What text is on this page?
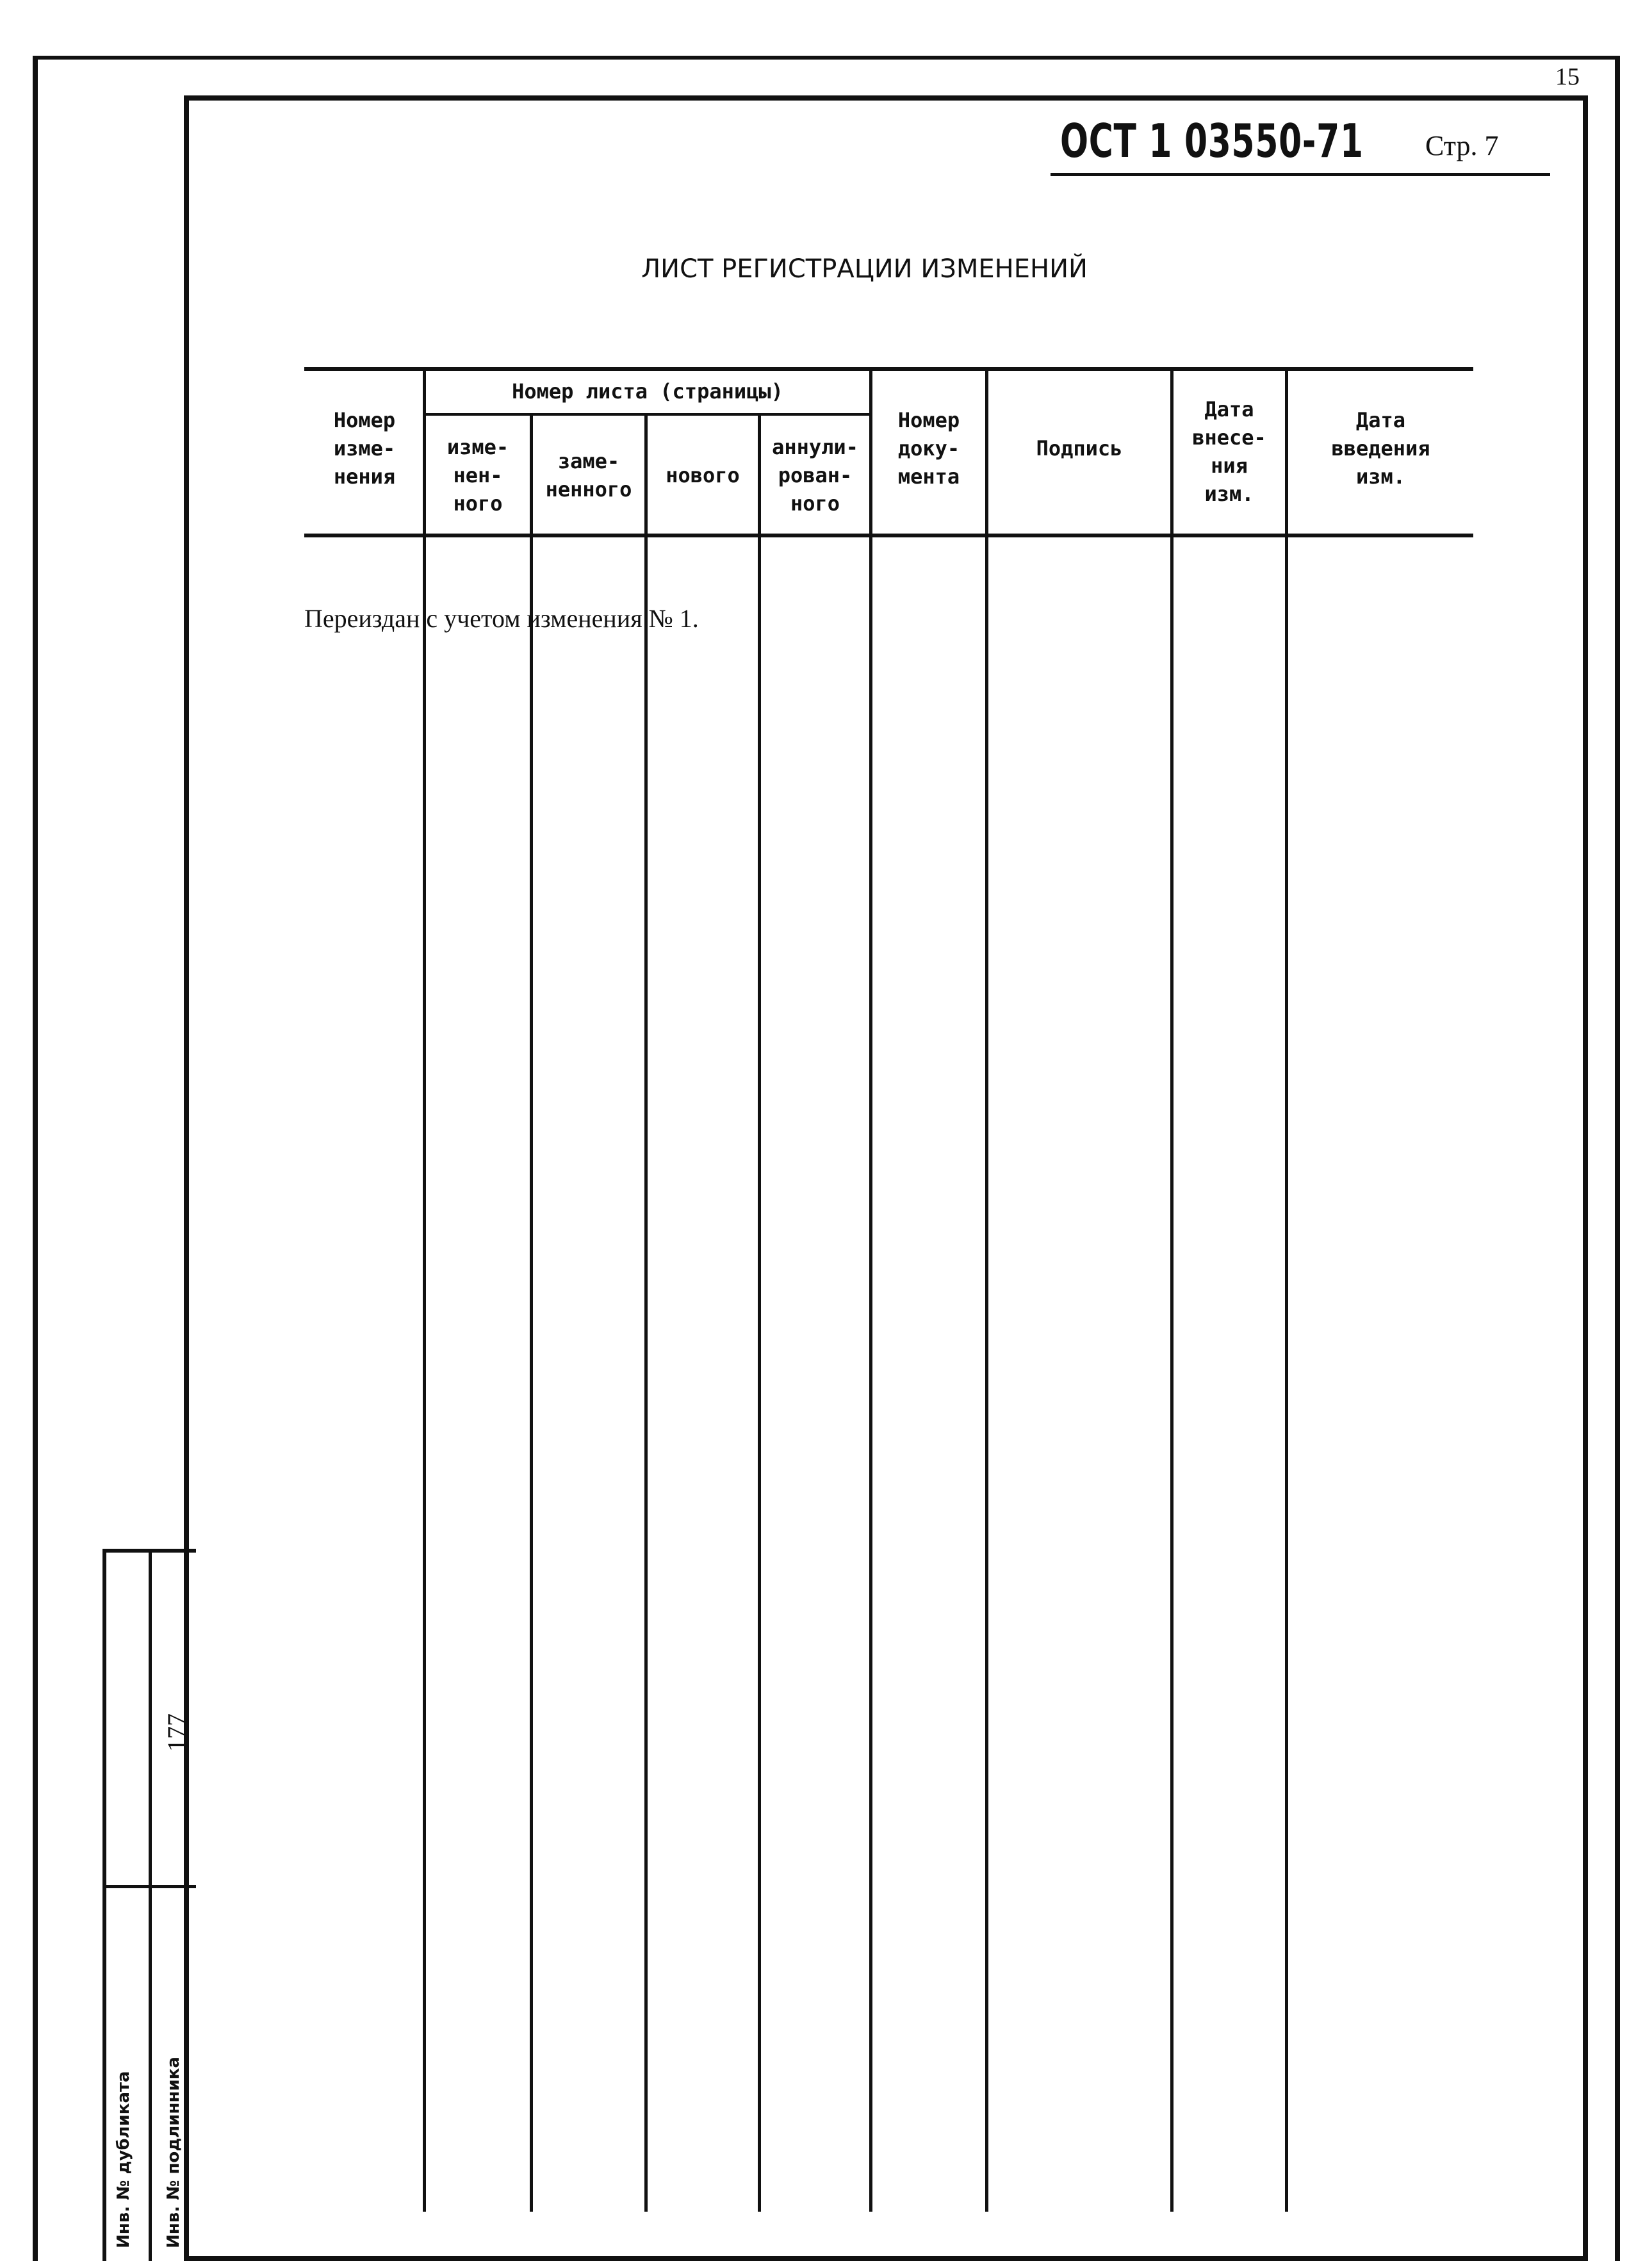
15
ОСТ 1 03550-71 Стр. 7
ЛИСТ РЕГИСТРАЦИИ ИЗМЕНЕНИЙ
Номер
изме-
нения
Номер листа (страницы)
изме-
нен-
ного
заме-
ненного
нового
аннули-
рован-
ного
Номер
доку-
мента
Подпись
Дата
внесе-
ния
изм.
Дата
введения
изм.
Переиздан с учетом изменения № 1.
Инв. № дубликата Инв. № подлинника
177
